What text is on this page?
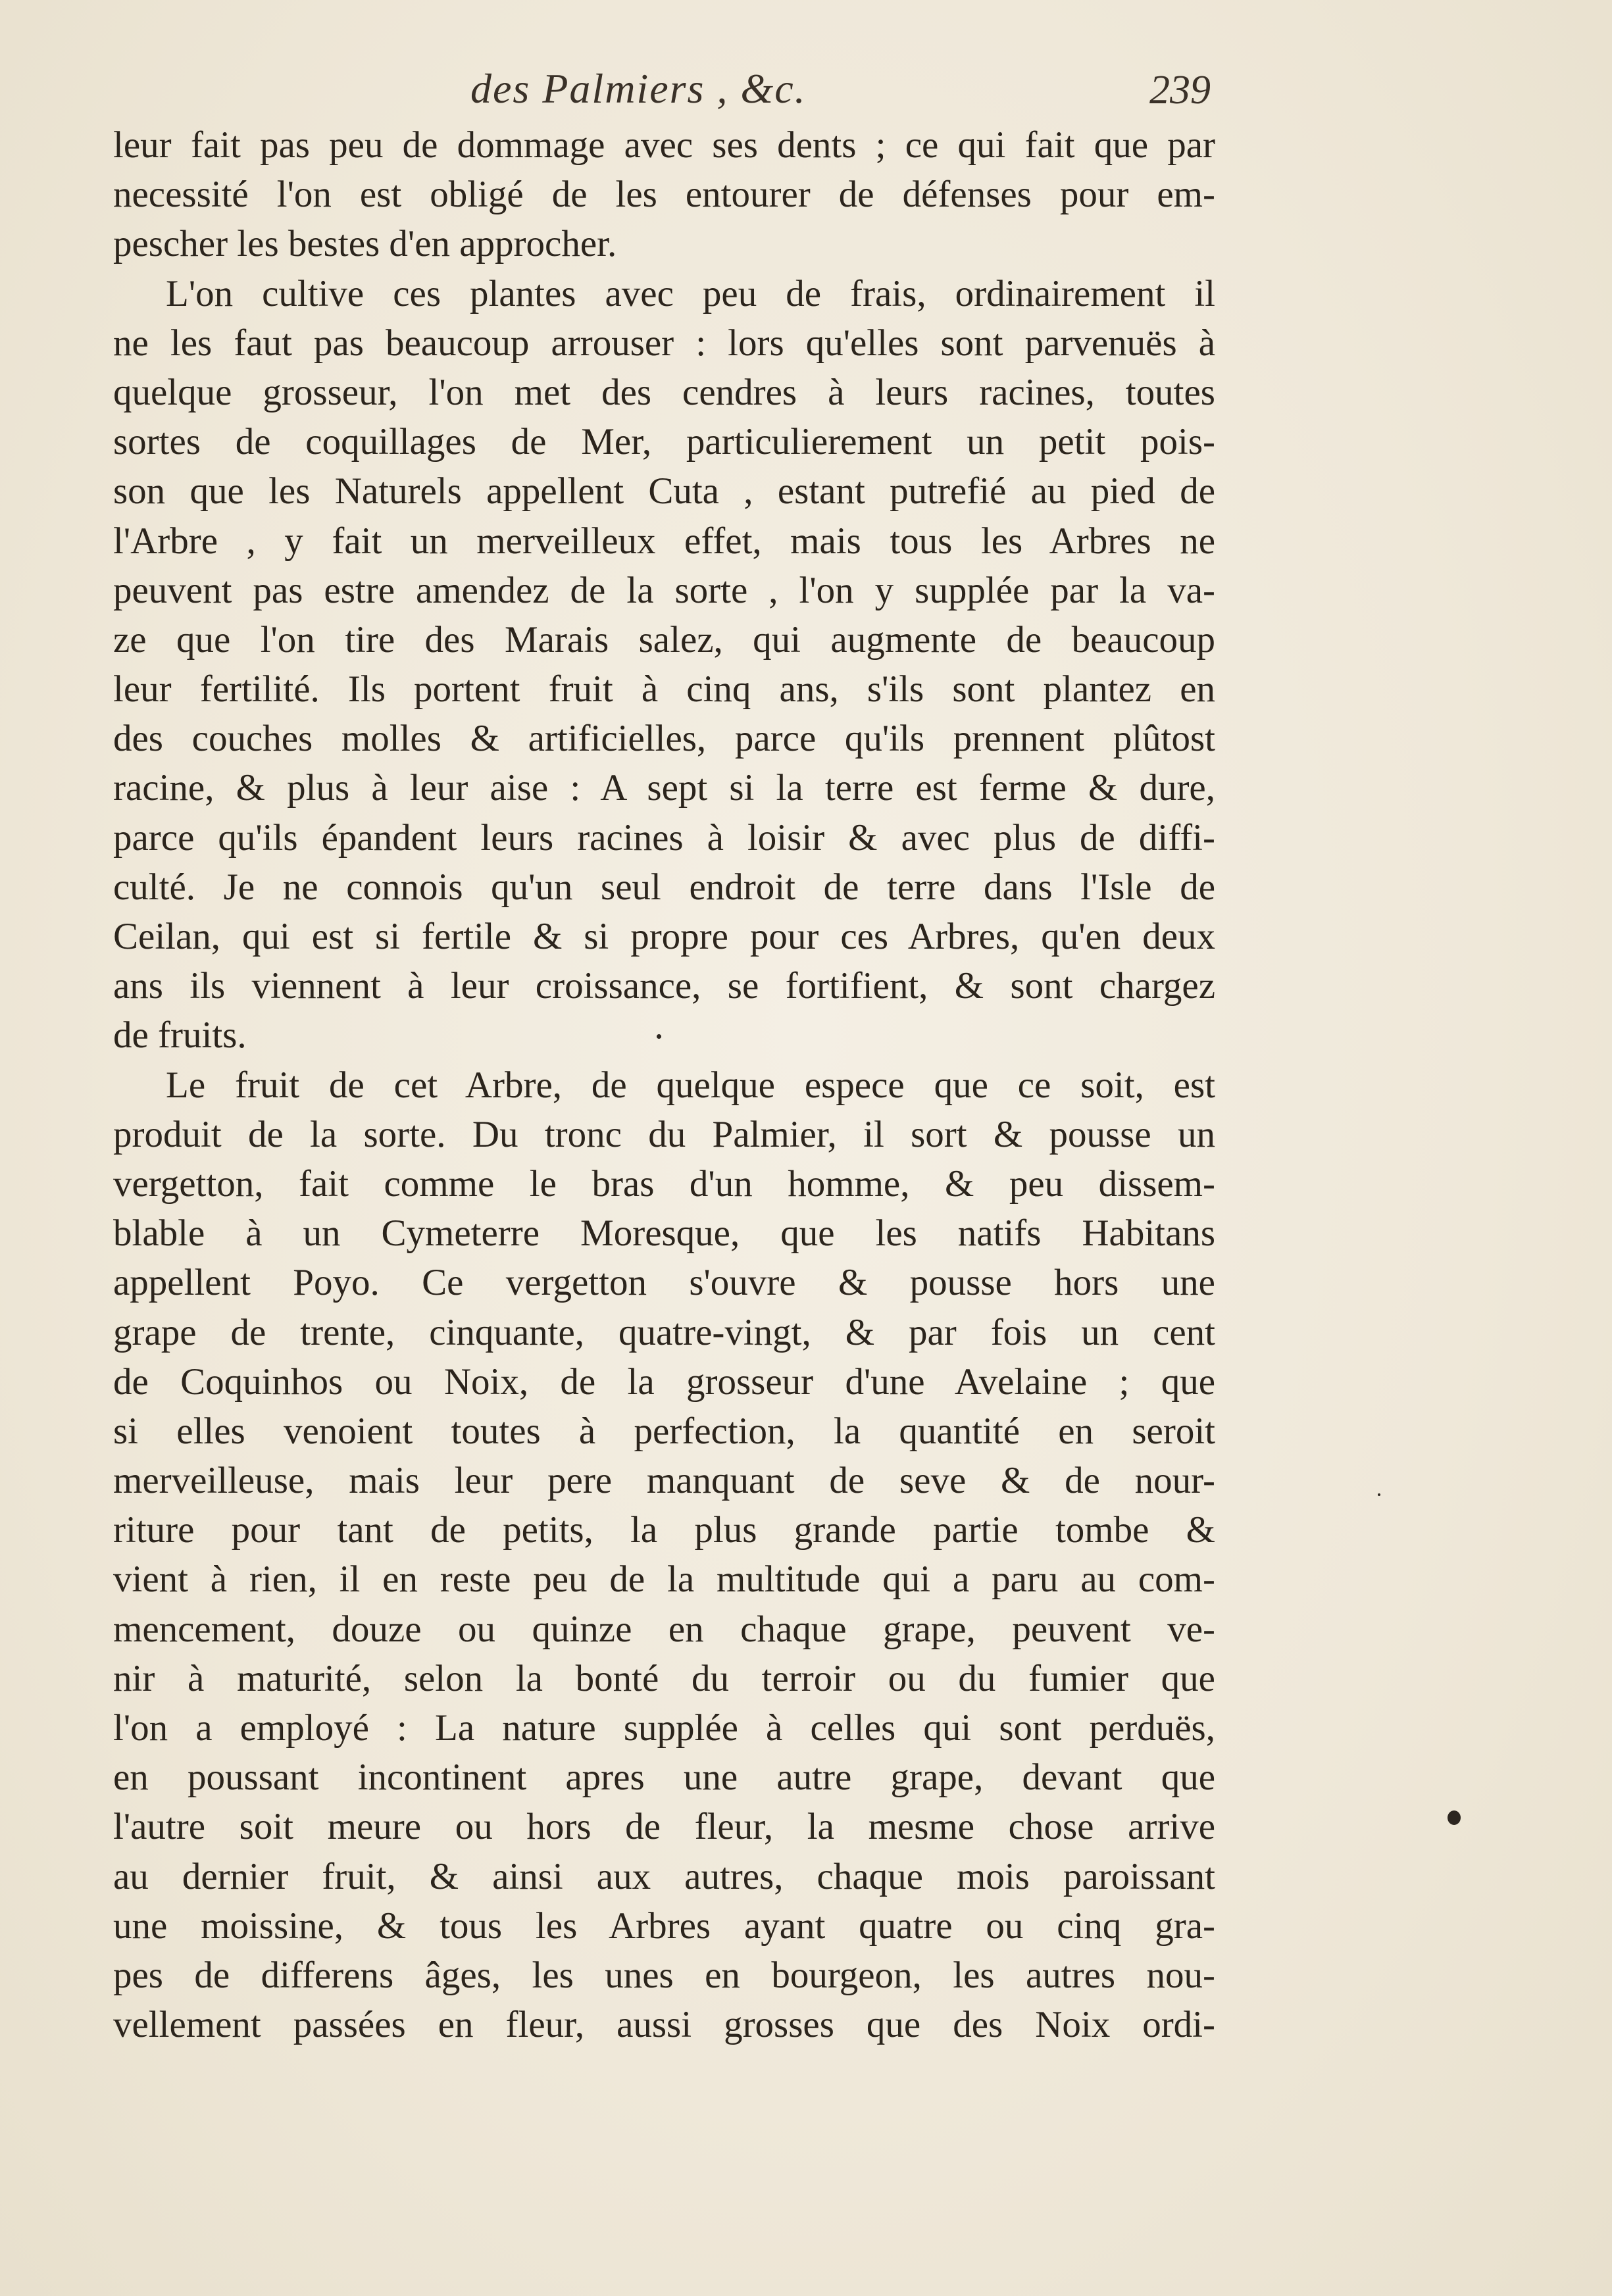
des Palmiers , &c.	239
leur fait pas peu de dommage avec ses dents ; ce qui fait que par
necessité l'on est obligé de les entourer de défenses pour em-
pescher les bestes d'en approcher.
L'on cultive ces plantes avec peu de frais, ordinairement il
ne les faut pas beaucoup arrouser : lors qu'elles sont parvenuës à
quelque grosseur, l'on met des cendres à leurs racines, toutes
sortes de coquillages de Mer, particulierement un petit pois-
son que les Naturels appellent Cuta , estant putrefié au pied de
l'Arbre , y fait un merveilleux effet, mais tous les Arbres ne
peuvent pas estre amendez de la sorte , l'on y supplée par la va-
ze que l'on tire des Marais salez, qui augmente de beaucoup
leur fertilité. Ils portent fruit à cinq ans, s'ils sont plantez en
des couches molles & artificielles, parce qu'ils prennent plûtost
racine, & plus à leur aise : A sept si la terre est ferme & dure,
parce qu'ils épandent leurs racines à loisir & avec plus de diffi-
culté. Je ne connois qu'un seul endroit de terre dans l'Isle de
Ceilan, qui est si fertile & si propre pour ces Arbres, qu'en deux
ans ils viennent à leur croissance, se fortifient, & sont chargez
de fruits.
Le fruit de cet Arbre, de quelque espece que ce soit, est
produit de la sorte. Du tronc du Palmier, il sort & pousse un
vergetton, fait comme le bras d'un homme, & peu dissem-
blable à un Cymeterre Moresque, que les natifs Habitans
appellent Poyo. Ce vergetton s'ouvre & pousse hors une
grape de trente, cinquante, quatre-vingt, & par fois un cent
de Coquinhos ou Noix, de la grosseur d'une Avelaine ; que
si elles venoient toutes à perfection, la quantité en seroit
merveilleuse, mais leur pere manquant de seve & de nour-
riture pour tant de petits, la plus grande partie tombe &
vient à rien, il en reste peu de la multitude qui a paru au com-
mencement, douze ou quinze en chaque grape, peuvent ve-
nir à maturité, selon la bonté du terroir ou du fumier que
l'on a employé : La nature supplée à celles qui sont perduës,
en poussant incontinent apres une autre grape, devant que
l'autre soit meure ou hors de fleur, la mesme chose arrive
au dernier fruit, & ainsi aux autres, chaque mois paroissant
une moissine, & tous les Arbres ayant quatre ou cinq gra-
pes de differens âges, les unes en bourgeon, les autres nou-
vellement passées en fleur, aussi grosses que des Noix ordi-
